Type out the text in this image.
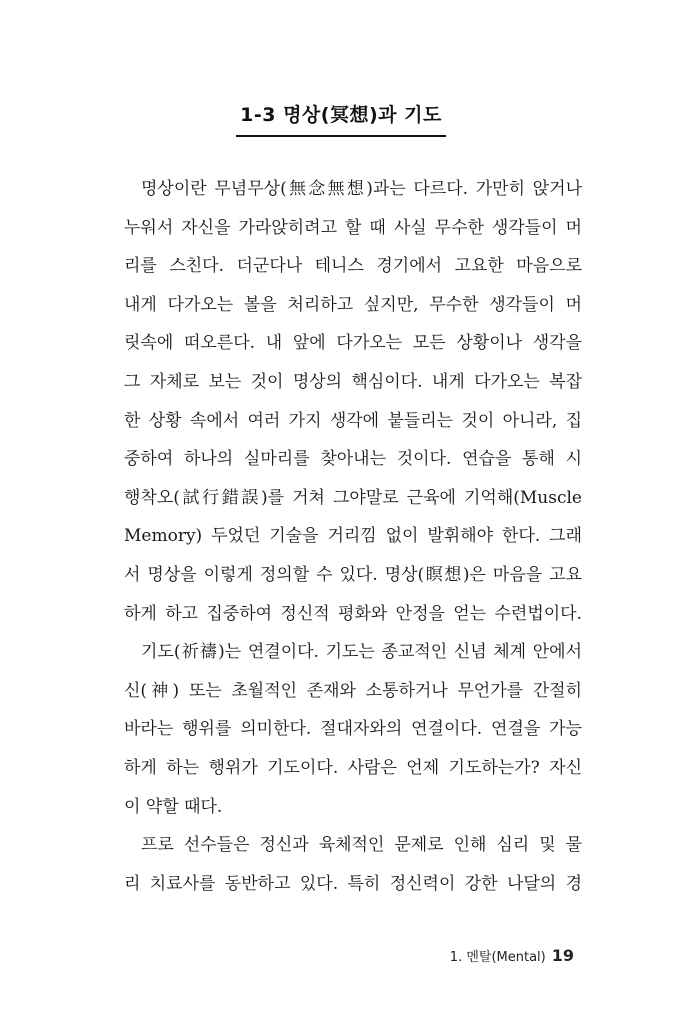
1-3 명상(冥想)과 기도
명상이란 무념무상(無念無想)과는 다르다. 가만히 앉거나
누워서 자신을 가라앉히려고 할 때 사실 무수한 생각들이 머
리를 스친다. 더군다나 테니스 경기에서 고요한 마음으로
내게 다가오는 볼을 처리하고 싶지만, 무수한 생각들이 머
릿속에 떠오른다. 내 앞에 다가오는 모든 상황이나 생각을
그 자체로 보는 것이 명상의 핵심이다. 내게 다가오는 복잡
한 상황 속에서 여러 가지 생각에 붙들리는 것이 아니라, 집
중하여 하나의 실마리를 찾아내는 것이다. 연습을 통해 시
행착오(試行錯誤)를 거쳐 그야말로 근육에 기억해(Muscle
Memory) 두었던 기술을 거리낌 없이 발휘해야 한다. 그래
서 명상을 이렇게 정의할 수 있다. 명상(瞑想)은 마음을 고요
하게 하고 집중하여 정신적 평화와 안정을 얻는 수련법이다.
기도(祈禱)는 연결이다. 기도는 종교적인 신념 체계 안에서
신(神) 또는 초월적인 존재와 소통하거나 무언가를 간절히
바라는 행위를 의미한다. 절대자와의 연결이다. 연결을 가능
하게 하는 행위가 기도이다. 사람은 언제 기도하는가? 자신
이 약할 때다.
프로 선수들은 정신과 육체적인 문제로 인해 심리 및 물
리 치료사를 동반하고 있다. 특히 정신력이 강한 나달의 경
1. 멘탈(Mental) 19
